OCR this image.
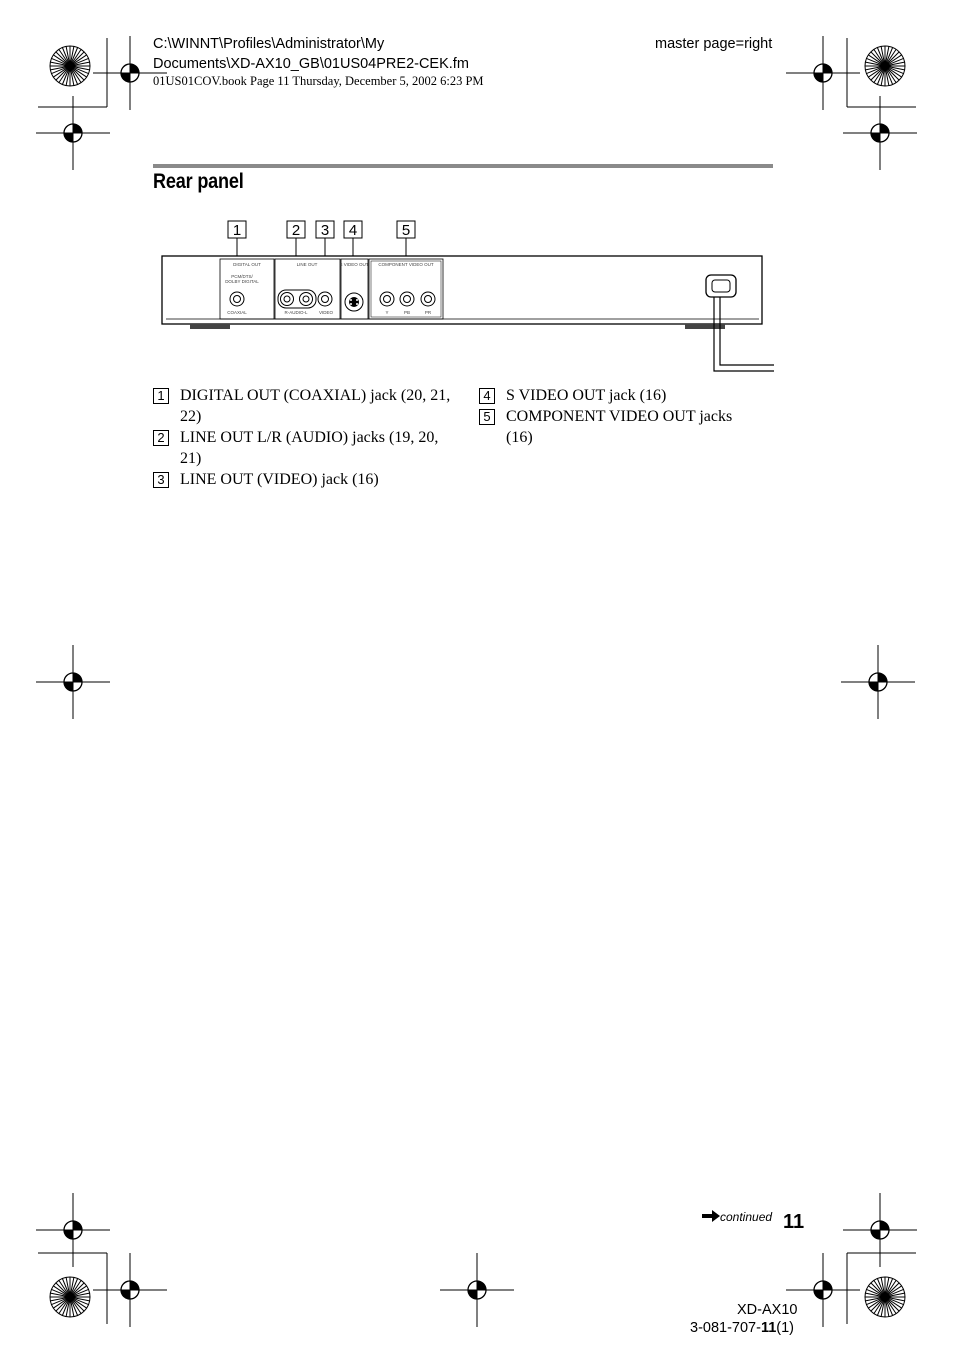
C:\WINNT\Profiles\Administrator\My Documents\XD-AX10_GB\01US04PRE2-CEK.fm
master page=right
01US01COV.book Page 11 Thursday, December 5, 2002 6:23 PM
Rear panel
1	2 3 4	5
DIGITAL OUT
PCM/DTS/
DOLBY DIGITAL
COAXIAL
LINE OUT
R-AUDIO-L	VIDEO
S VIDEO OUT COMPONENT VIDEO OUT
Y	PB	PR
1 DIGITAL OUT (COAXIAL) jack (20, 21, 22)
2 LINE OUT L/R (AUDIO) jacks (19, 20, 21)
3 LINE OUT (VIDEO) jack (16)
4 S VIDEO OUT jack (16)
5 COMPONENT VIDEO OUT jacks (16)
continued 11
XD-AX10
3-081-707-11(1)
